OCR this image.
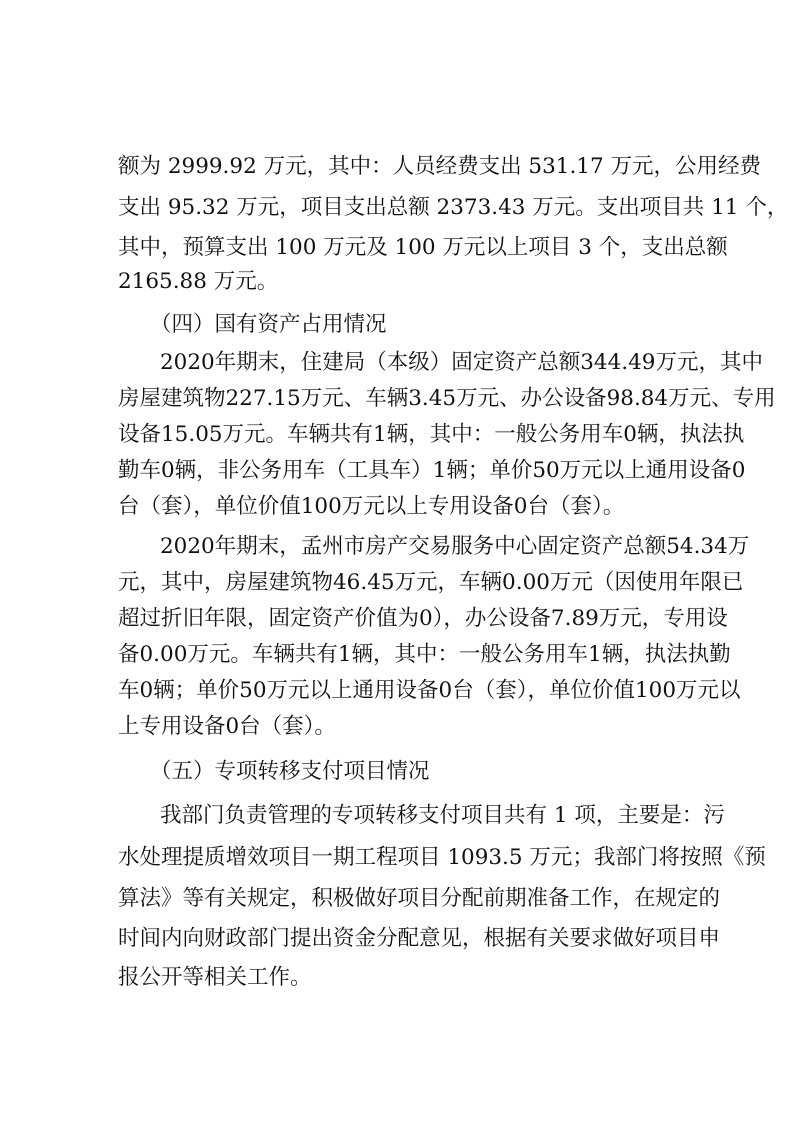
额为 2999.92 万元，其中：人员经费支出 531.17 万元，公用经费
支出 95.32 万元，项目支出总额 2373.43 万元。支出项目共 11 个，
其中，预算支出 100 万元及 100 万元以上项目 3 个，支出总额
2165.88 万元。
（四）国有资产占用情况
2020年期末，住建局（本级）固定资产总额344.49万元，其中
房屋建筑物227.15万元、车辆3.45万元、办公设备98.84万元、专用
设备15.05万元。车辆共有1辆，其中：一般公务用车0辆，执法执
勤车0辆，非公务用车（工具车）1辆；单价50万元以上通用设备0
台（套），单位价值100万元以上专用设备0台（套）。
2020年期末，孟州市房产交易服务中心固定资产总额54.34万
元，其中，房屋建筑物46.45万元，车辆0.00万元（因使用年限已
超过折旧年限，固定资产价值为0），办公设备7.89万元，专用设
备0.00万元。车辆共有1辆，其中：一般公务用车1辆，执法执勤
车0辆；单价50万元以上通用设备0台（套），单位价值100万元以
上专用设备0台（套）。
（五）专项转移支付项目情况
我部门负责管理的专项转移支付项目共有 1 项，主要是：污
水处理提质增效项目一期工程项目 1093.5 万元；我部门将按照《预
算法》等有关规定，积极做好项目分配前期准备工作，在规定的
时间内向财政部门提出资金分配意见，根据有关要求做好项目申
报公开等相关工作。
